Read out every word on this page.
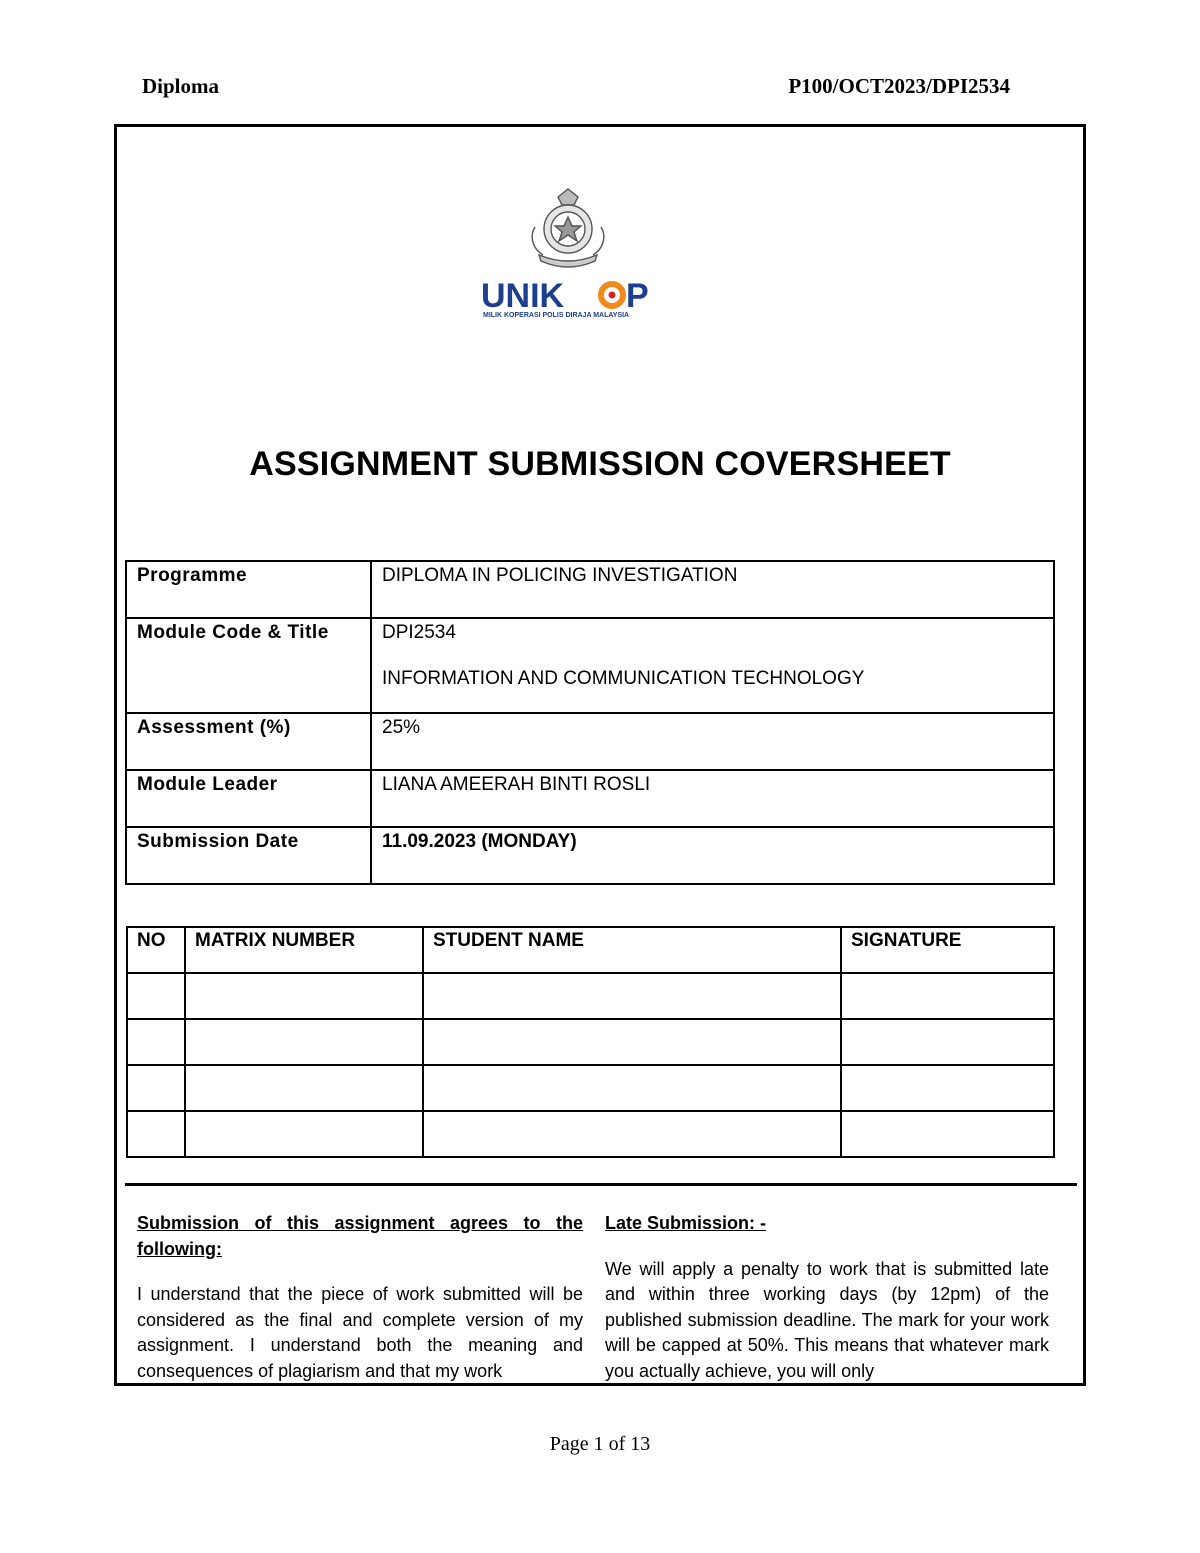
Diploma	P100/OCT2023/DPI2534
UNIK P
MILIK KOPERASI POLIS DIRAJA MALAYSIA
ASSIGNMENT SUBMISSION COVERSHEET
Programme	DIPLOMA IN POLICING INVESTIGATION
Module Code & Title	DPI2534
INFORMATION AND COMMUNICATION TECHNOLOGY

Assessment (%)	25%
Module Leader	LIANA AMEERAH BINTI ROSLI
Submission Date	11.09.2023 (MONDAY)
NO	MATRIX NUMBER	STUDENT NAME	SIGNATURE

Submission of this assignment agrees to the following:

I understand that the piece of work submitted will be considered as the final and complete version of my assignment. I understand both the meaning and consequences of plagiarism and that my work

Late Submission: -

We will apply a penalty to work that is submitted late and within three working days (by 12pm) of the published submission deadline. The mark for your work will be capped at 50%. This means that whatever mark you actually achieve, you will only

Page 1 of 13
